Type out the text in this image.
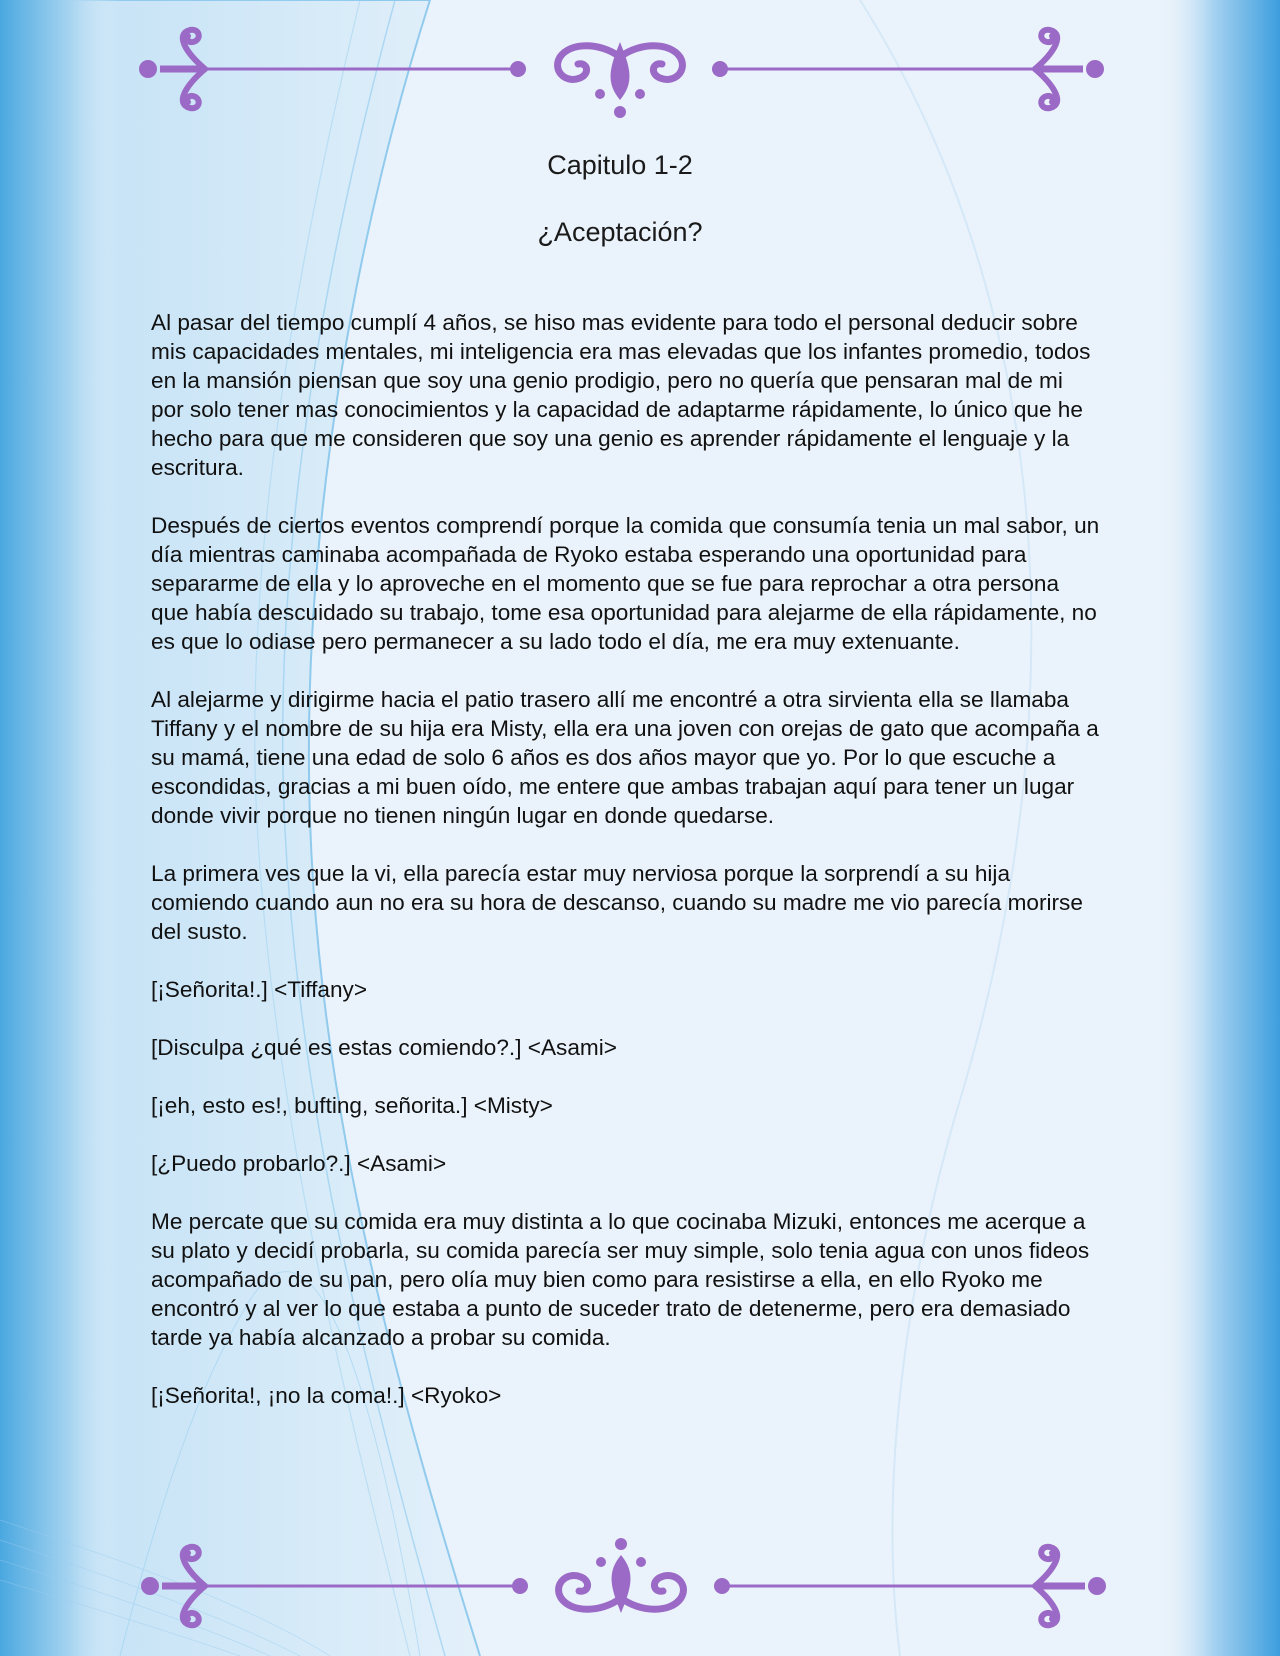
Capitulo 1-2
¿Aceptación?

Al pasar del tiempo cumplí 4 años, se hiso mas evidente para todo el personal deducir sobre mis capacidades mentales, mi inteligencia era mas elevadas que los infantes promedio, todos en la mansión piensan que soy una genio prodigio, pero no quería que pensaran mal de mi por solo tener mas conocimientos y la capacidad de adaptarme rápidamente, lo único que he hecho para que me consideren que soy una genio es aprender rápidamente el lenguaje y la escritura.

Después de ciertos eventos comprendí porque la comida que consumía tenia un mal sabor, un día mientras caminaba acompañada de Ryoko estaba esperando una oportunidad para separarme de ella y lo aproveche en el momento que se fue para reprochar a otra persona que había descuidado su trabajo, tome esa oportunidad para alejarme de ella rápidamente, no es que lo odiase pero permanecer a su lado todo el día, me era muy extenuante.

Al alejarme y dirigirme hacia el patio trasero allí me encontré a otra sirvienta ella se llamaba Tiffany y el nombre de su hija era Misty, ella era una joven con orejas de gato que acompaña a su mamá, tiene una edad de solo 6 años es dos años mayor que yo. Por lo que escuche a escondidas, gracias a mi buen oído, me entere que ambas trabajan aquí para tener un lugar donde vivir porque no tienen ningún lugar en donde quedarse.

La primera ves que la vi, ella parecía estar muy nerviosa porque la sorprendí a su hija comiendo cuando aun no era su hora de descanso, cuando su madre me vio parecía morirse del susto.

[¡Señorita!.] <Tiffany>

[Disculpa ¿qué es estas comiendo?.] <Asami>

[¡eh, esto es!, bufting, señorita.] <Misty>

[¿Puedo probarlo?.] <Asami>

Me percate que su comida era muy distinta a lo que cocinaba Mizuki, entonces me acerque a su plato y decidí probarla, su comida parecía ser muy simple, solo tenia agua con unos fideos acompañado de su pan, pero olía muy bien como para resistirse a ella, en ello Ryoko me encontró y al ver lo que estaba a punto de suceder trato de detenerme, pero era demasiado tarde ya había alcanzado a probar su comida.

[¡Señorita!, ¡no la coma!.] <Ryoko>
